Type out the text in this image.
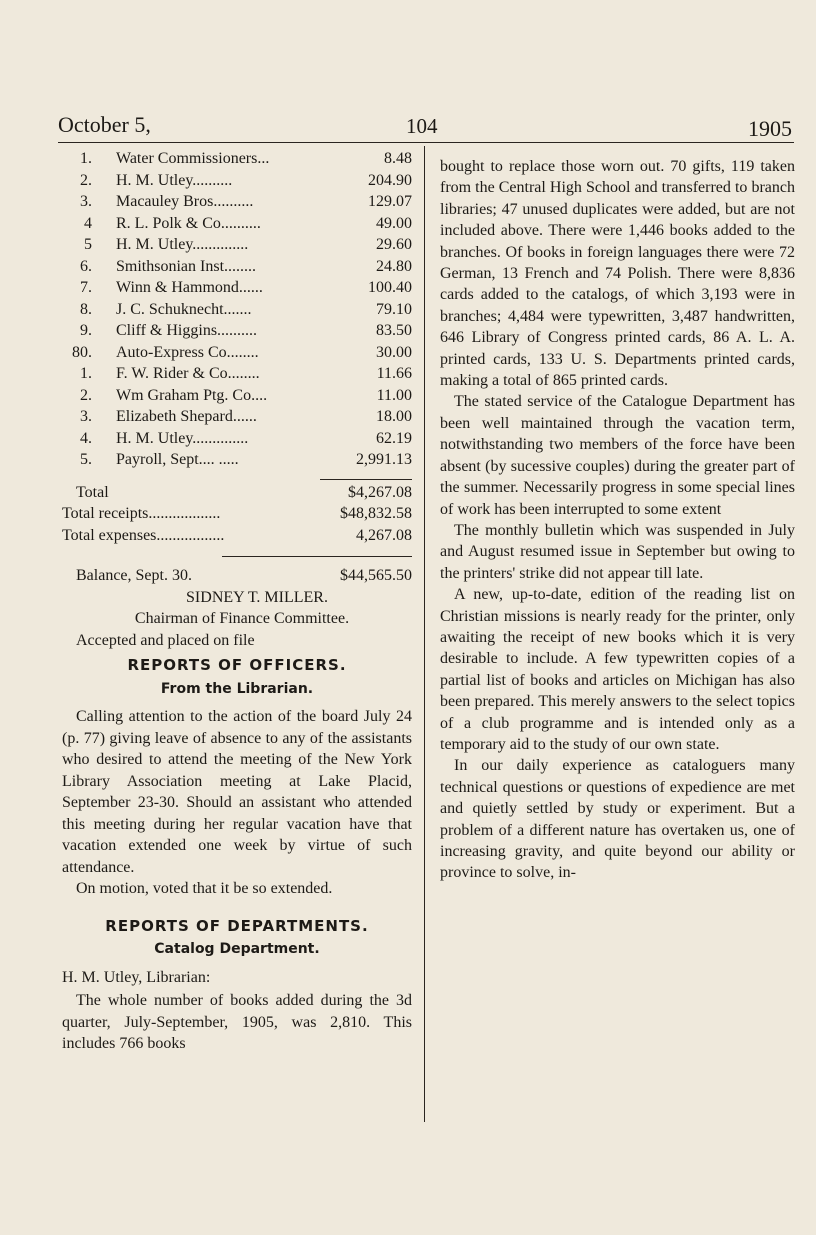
October 5,	104	1905
1. Water Commissioners...	8.48
2. H. M. Utley..........	204.90
3. Macauley Bros..........	129.07
4 R. L. Polk & Co..........	49.00
5 H. M. Utley..............	29.60
6. Smithsonian Inst........	24.80
7. Winn & Hammond......	100.40
8. J. C. Schuknecht.......	79.10
9. Cliff & Higgins..........	83.50
80. Auto-Express Co........	30.00
1. F. W. Rider & Co........	11.66
2. Wm Graham Ptg. Co....	11.00
3. Elizabeth Shepard......	18.00
4. H. M. Utley..............	62.19
5. Payroll, Sept.... .....	2,991.13
Total	$4,267.08
Total receipts..................	$48,832.58
Total expenses.................	4,267.08
Balance, Sept. 30.	$44,565.50
SIDNEY T. MILLER.
Chairman of Finance Committee.
Accepted and placed on file
REPORTS OF OFFICERS.
From the Librarian.

Calling attention to the action of the board July 24 (p. 77) giving leave of absence to any of the assistants who desired to attend the meeting of the New York Library Association meeting at Lake Placid, September 23-30. Should an assistant who attended this meeting during her regular vacation have that vacation extended one week by virtue of such attendance.

On motion, voted that it be so extended.

REPORTS OF DEPARTMENTS.
Catalog Department.
H. M. Utley, Librarian:

The whole number of books added during the 3d quarter, July-September, 1905, was 2,810. This includes 766 books

bought to replace those worn out. 70 gifts, 119 taken from the Central High School and transferred to branch libraries; 47 unused duplicates were added, but are not included above. There were 1,446 books added to the branches. Of books in foreign languages there were 72 German, 13 French and 74 Polish. There were 8,836 cards added to the catalogs, of which 3,193 were in branches; 4,484 were typewritten, 3,487 handwritten, 646 Library of Congress printed cards, 86 A. L. A. printed cards, 133 U. S. Departments printed cards, making a total of 865 printed cards.

The stated service of the Catalogue Department has been well maintained through the vacation term, notwithstanding two members of the force have been absent (by sucessive couples) during the greater part of the summer. Necessarily progress in some special lines of work has been interrupted to some extent

The monthly bulletin which was suspended in July and August resumed issue in September but owing to the printers' strike did not appear till late.

A new, up-to-date, edition of the reading list on Christian missions is nearly ready for the printer, only awaiting the receipt of new books which it is very desirable to include. A few typewritten copies of a partial list of books and articles on Michigan has also been prepared. This merely answers to the select topics of a club programme and is intended only as a temporary aid to the study of our own state.

In our daily experience as cataloguers many technical questions or questions of expedience are met and quietly settled by study or experiment. But a problem of a different nature has overtaken us, one of increasing gravity, and quite beyond our ability or province to solve, in-
